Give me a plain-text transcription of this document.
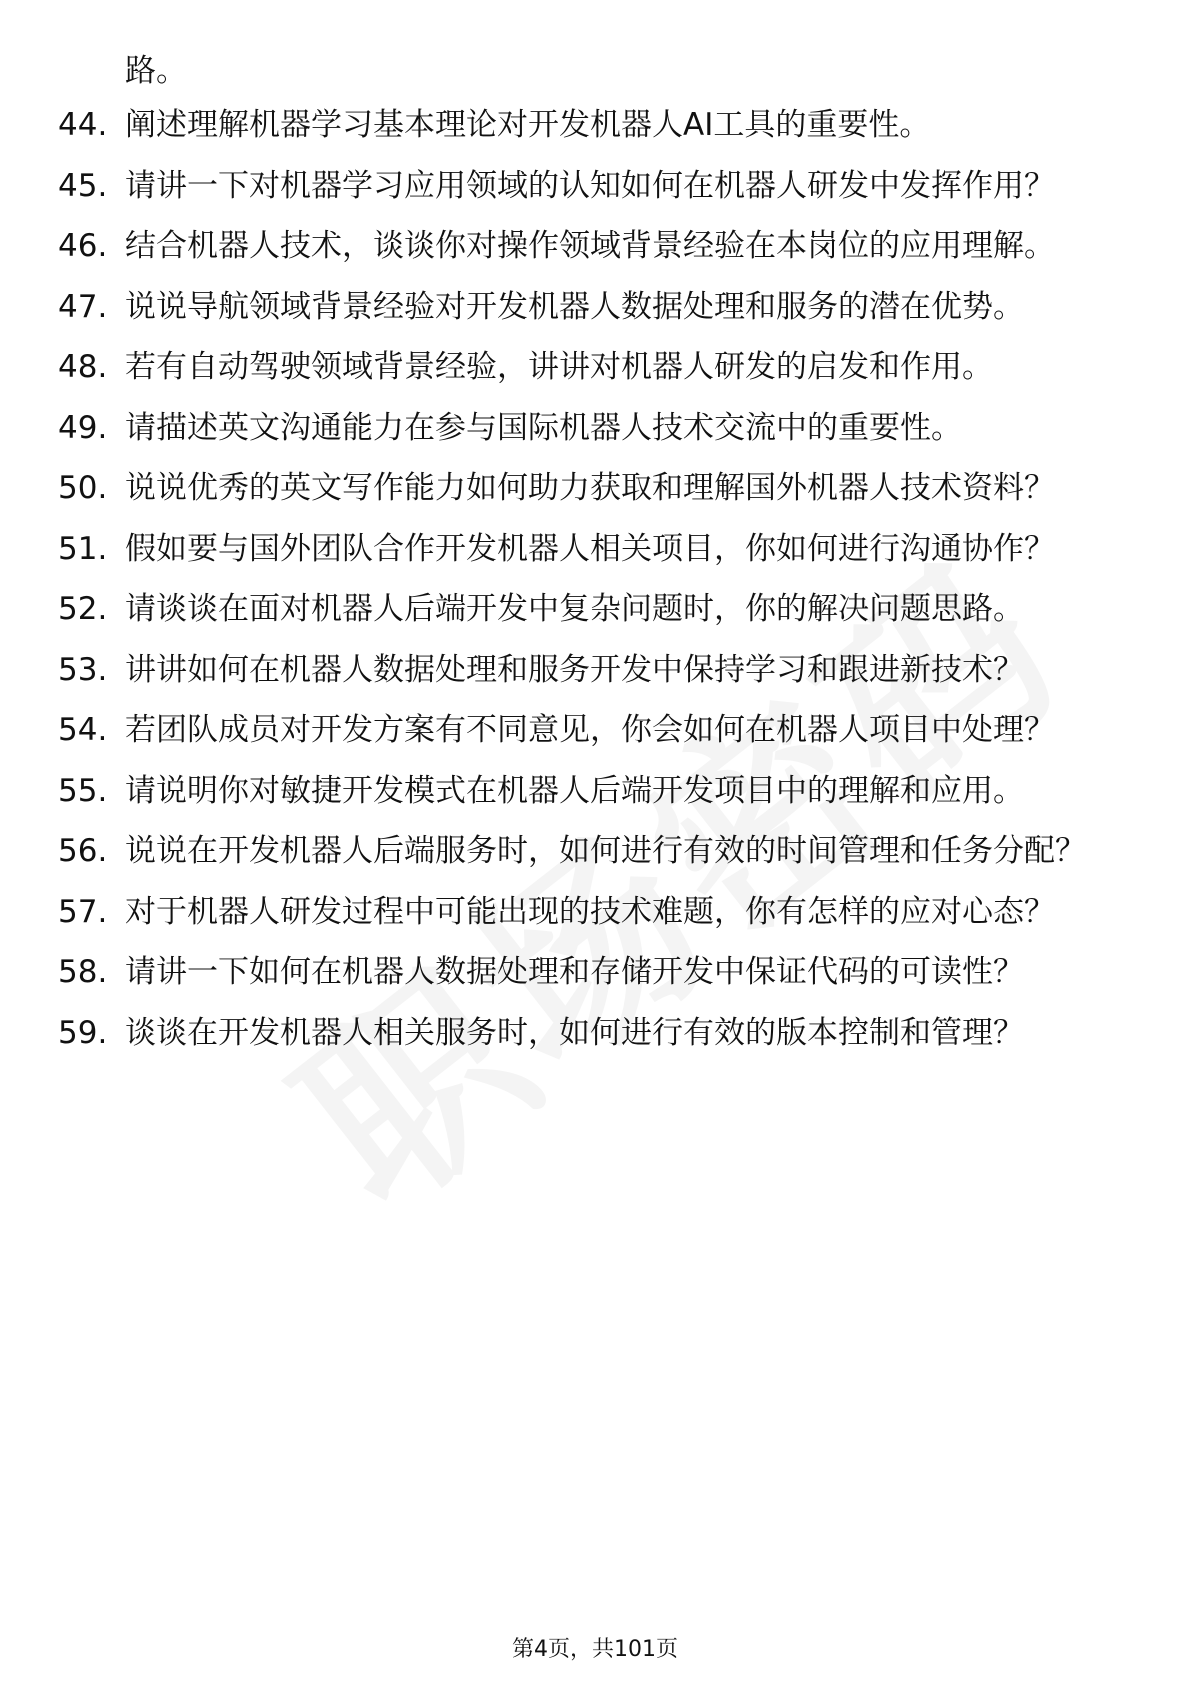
路。

44. 阐述理解机器学习基本理论对开发机器人AI工具的重要性。
45. 请讲一下对机器学习应用领域的认知如何在机器人研发中发挥作用？
46. 结合机器人技术，谈谈你对操作领域背景经验在本岗位的应用理解。
47. 说说导航领域背景经验对开发机器人数据处理和服务的潜在优势。
48. 若有自动驾驶领域背景经验，讲讲对机器人研发的启发和作用。
49. 请描述英文沟通能力在参与国际机器人技术交流中的重要性。
50. 说说优秀的英文写作能力如何助力获取和理解国外机器人技术资料？
51. 假如要与国外团队合作开发机器人相关项目，你如何进行沟通协作？
52. 请谈谈在面对机器人后端开发中复杂问题时，你的解决问题思路。
53. 讲讲如何在机器人数据处理和服务开发中保持学习和跟进新技术？
54. 若团队成员对开发方案有不同意见，你会如何在机器人项目中处理？
55. 请说明你对敏捷开发模式在机器人后端开发项目中的理解和应用。
56. 说说在开发机器人后端服务时，如何进行有效的时间管理和任务分配？
57. 对于机器人研发过程中可能出现的技术难题，你有怎样的应对心态？
58. 请讲一下如何在机器人数据处理和存储开发中保证代码的可读性？
59. 谈谈在开发机器人相关服务时，如何进行有效的版本控制和管理？
第4页，共101页
